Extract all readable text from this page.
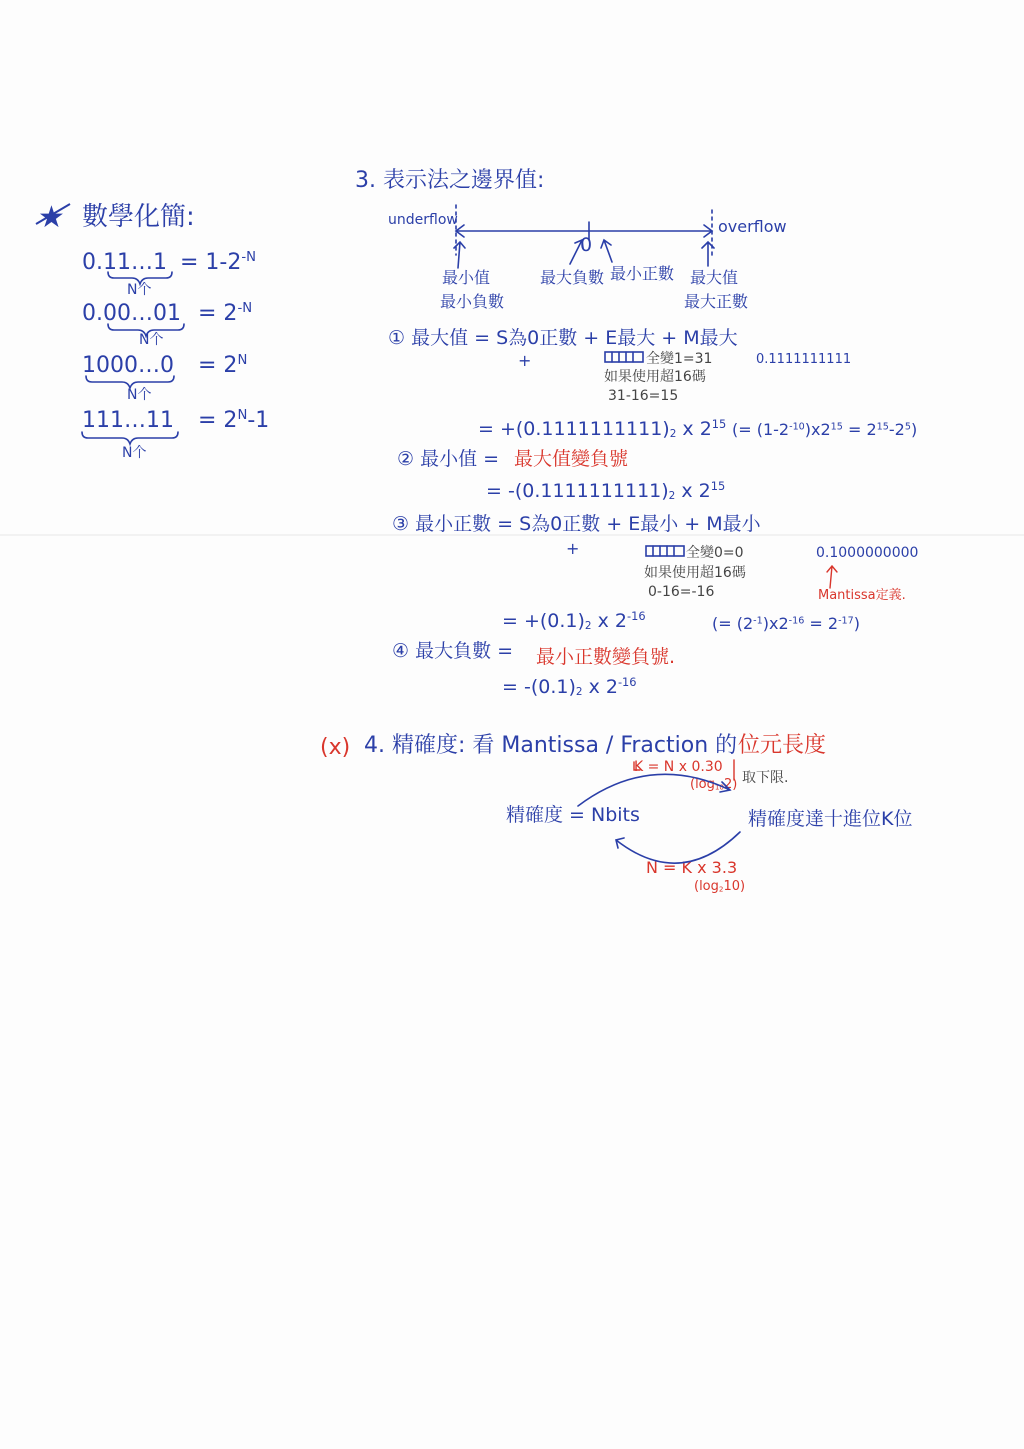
★ 數學化簡:
0.11…1 = $1-2^{-N}$
N个
0.00…01 = $2^{-N}$
N个
1000…0 = $2^N$
N个
111…11 = $2^N-1$
N个
3. 表示法之邊界值:
underflow	overflow
0
最小值
最小負數
最大負數 最小正數 最大值
最大正數
① 最大值 = S為0正數 + E最大 + M最大
+	全變1=31
如果使用超16碼
31-16=15
0.1111111111
= $+(0.1111111111)_2$ x $2^{15}$ (= $(1-2^{-10})x2^{15} = 2^{15}-2^5$)
② 最小值 = 最大值變負號
= $-(0.1111111111)_2$ x $2^{15}$
③ 最小正數 = S為0正數 + E最小 + M最小
+	全變0=0
如果使用超16碼
0-16=-16
0.1000000000
Mantissa定義.
= $+(0.1)_2$ x $2^{-16}$	(= $(2^{-1})x2^{-16} = 2^{-17}$)
④ 最大負數 = 最小正數變負號.
= $-(0.1)_2$ x $2^{-16}$
(x) 4. 精確度: 看 Mantissa / Fraction 的 位元長度
K = N x 0.30
$(\log_{10}2)$ 取下限.
精確度 = Nbits	精確度達十進位K位
N = K x 3.3
$(\log_210)$
